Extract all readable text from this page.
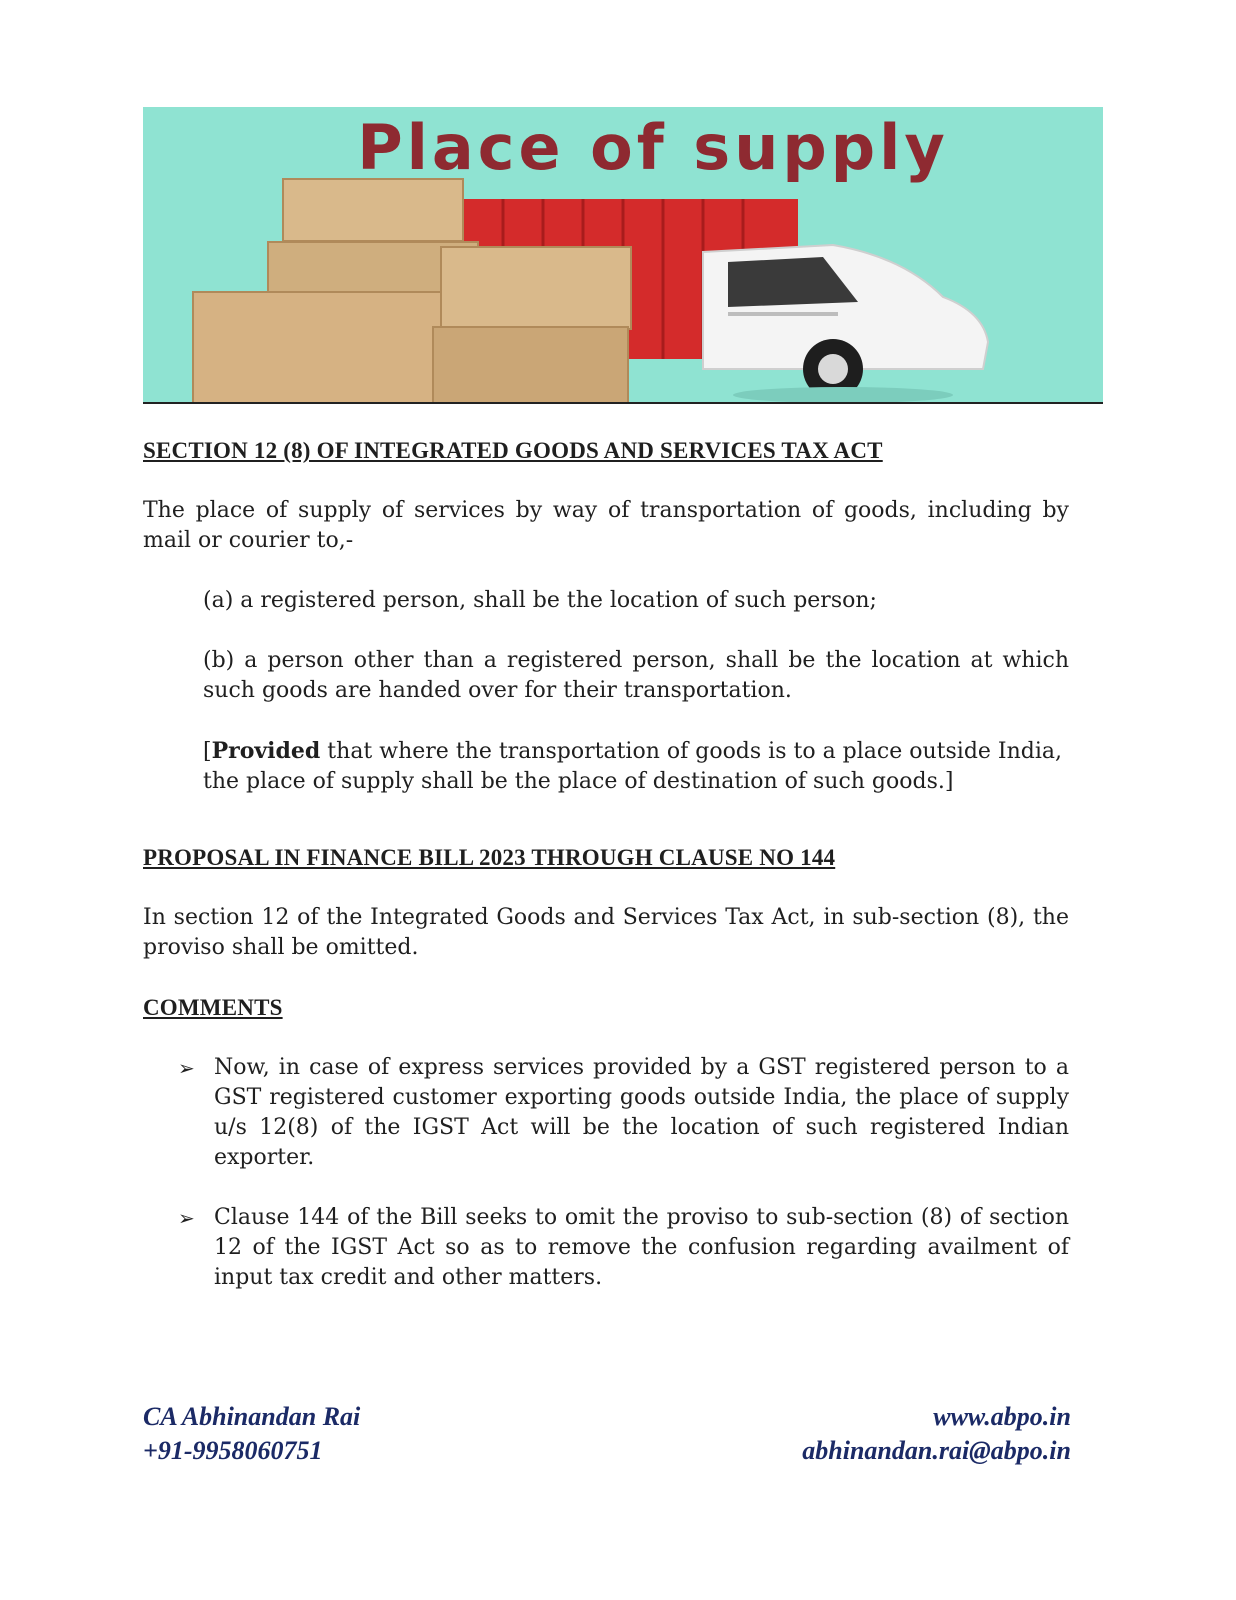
Place of supply

SECTION 12 (8) OF INTEGRATED GOODS AND SERVICES TAX ACT

The place of supply of services by way of transportation of goods, including by mail or courier to,-

(a) a registered person, shall be the location of such person;

(b) a person other than a registered person, shall be the location at which such goods are handed over for their transportation.

[Provided that where the transportation of goods is to a place outside India, the place of supply shall be the place of destination of such goods.]

PROPOSAL IN FINANCE BILL 2023 THROUGH CLAUSE NO 144

In section 12 of the Integrated Goods and Services Tax Act, in sub-section (8), the proviso shall be omitted.

COMMENTS

➢ Now, in case of express services provided by a GST registered person to a GST registered customer exporting goods outside India, the place of supply u/s 12(8) of the IGST Act will be the location of such registered Indian exporter.
➢ Clause 144 of the Bill seeks to omit the proviso to sub-section (8) of section 12 of the IGST Act so as to remove the confusion regarding availment of input tax credit and other matters.
CA Abhinandan Rai
+91-9958060751
www.abpo.in
abhinandan.rai@abpo.in
